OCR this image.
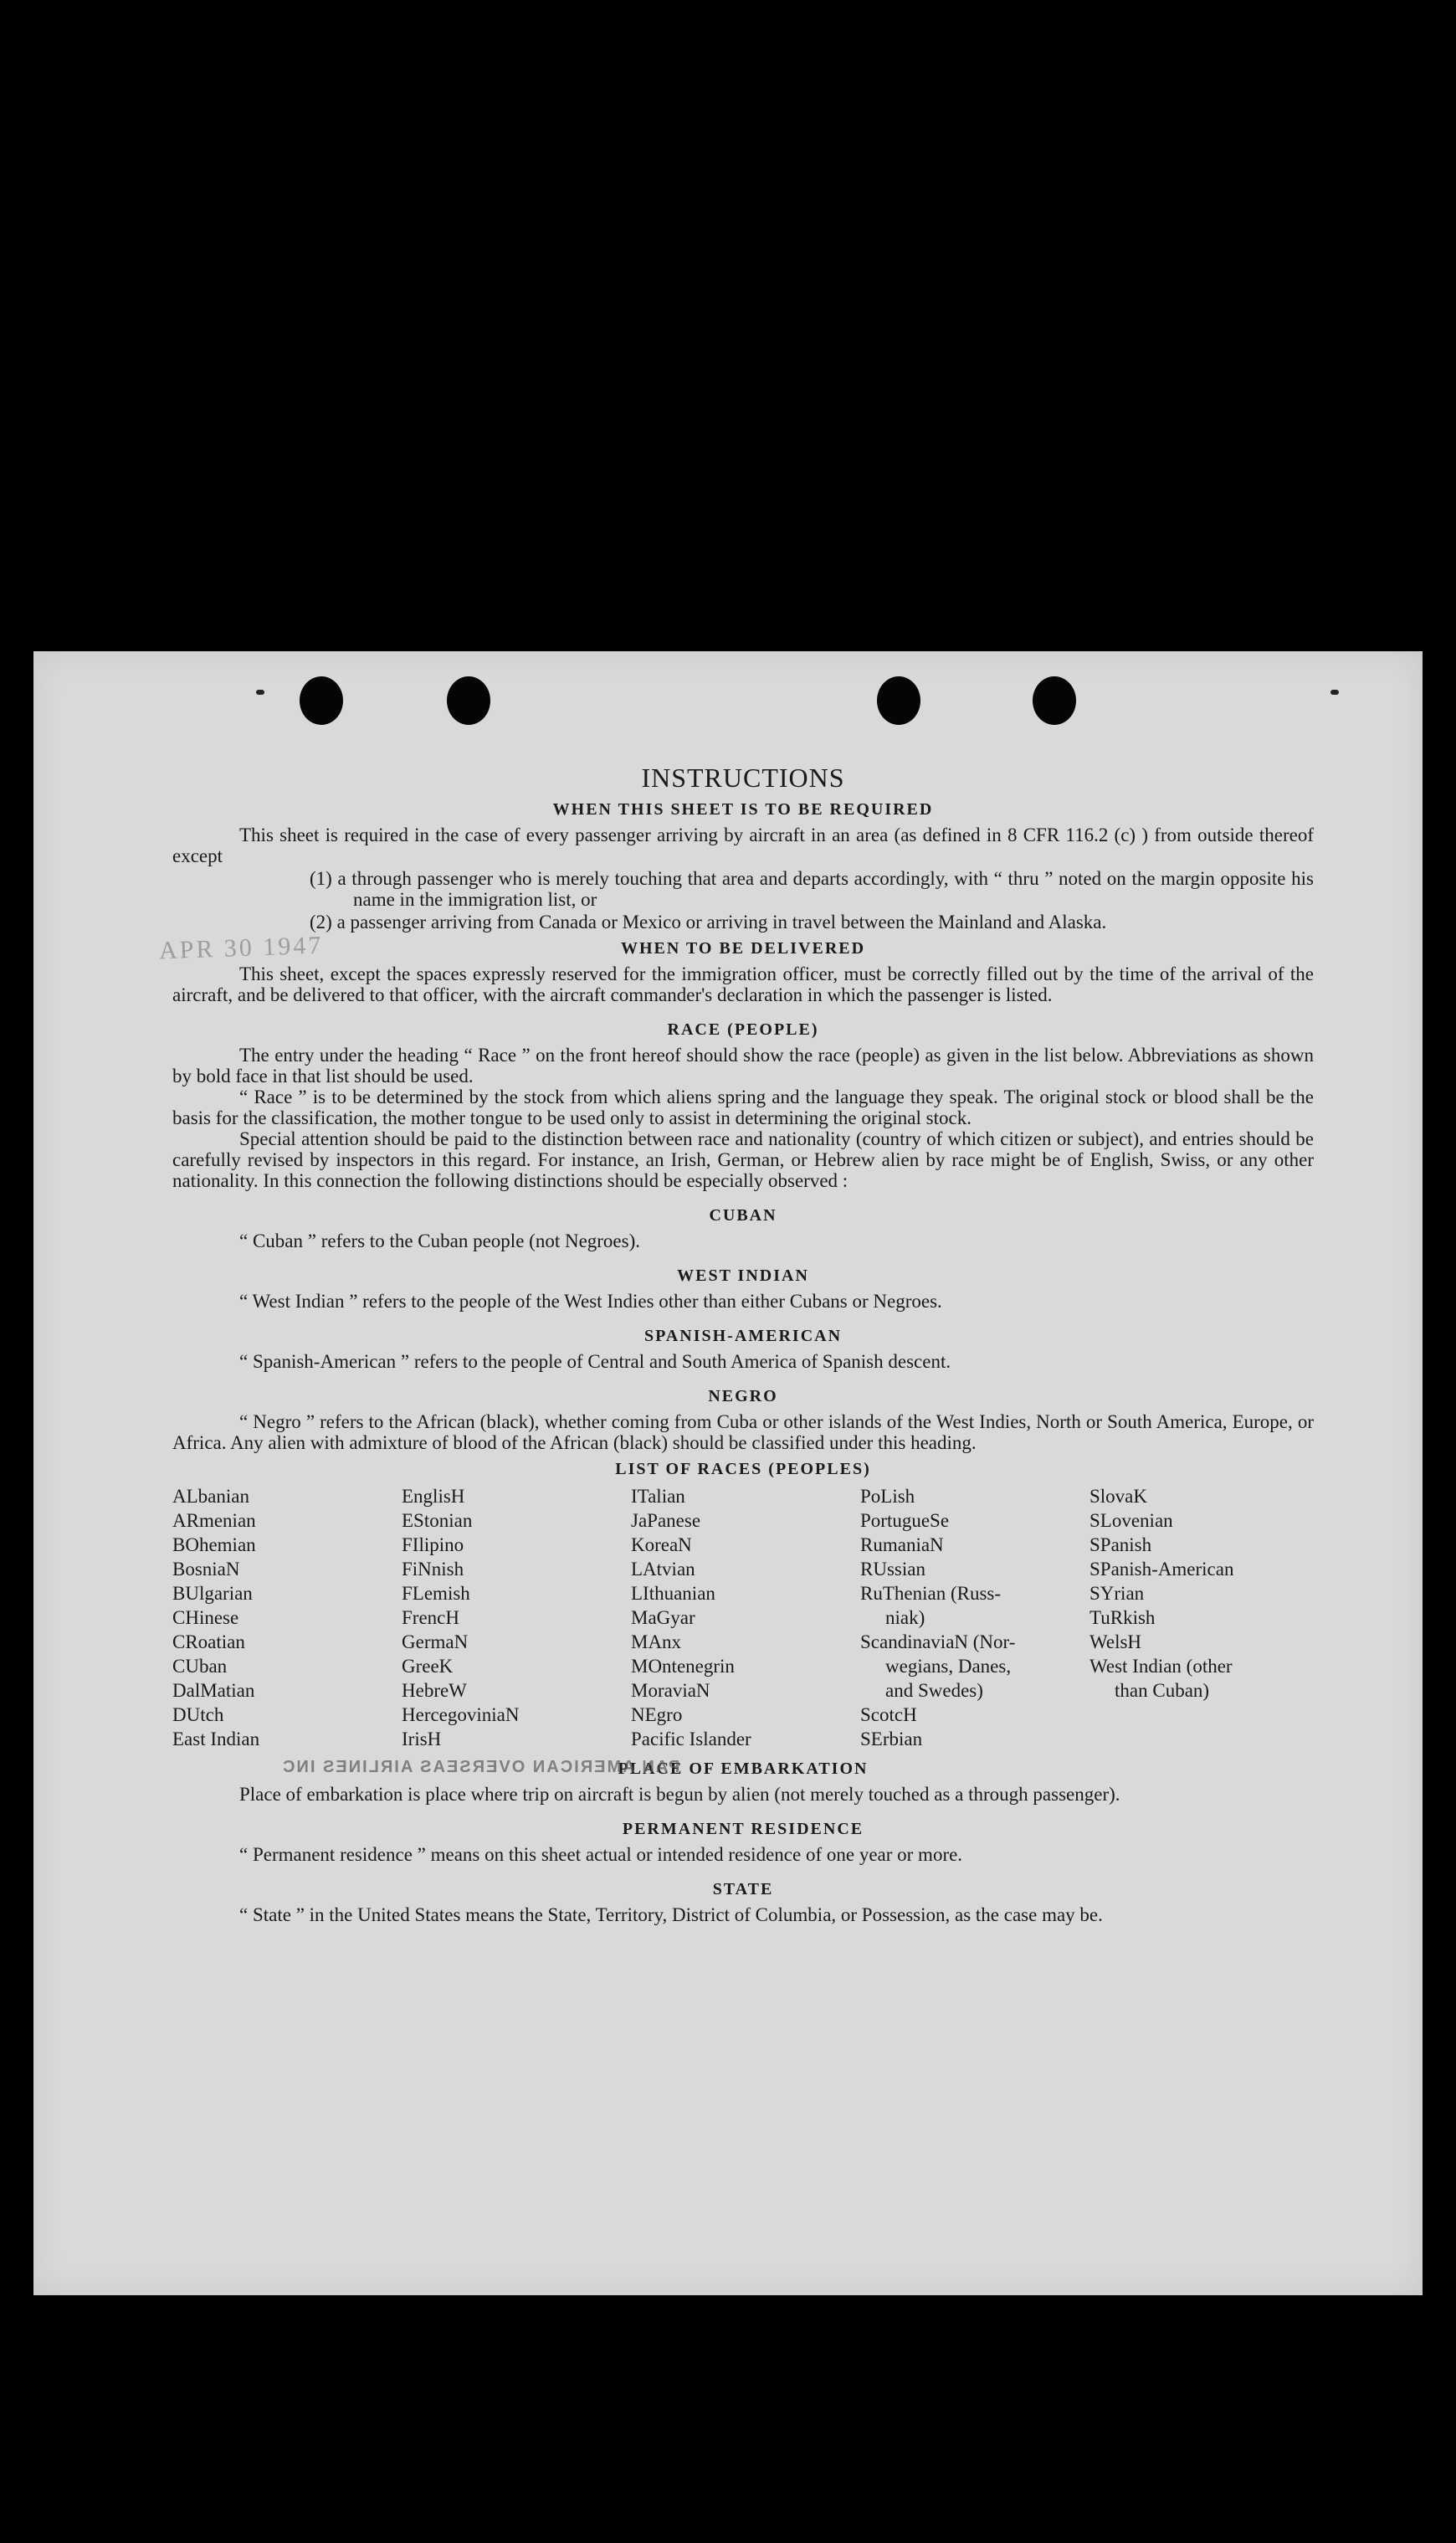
APR 30 1947
INSTRUCTIONS
WHEN THIS SHEET IS TO BE REQUIRED

This sheet is required in the case of every passenger arriving by aircraft in an area (as defined in 8 CFR 116.2 (c) ) from outside thereof except

(1) a through passenger who is merely touching that area and departs accordingly, with “ thru ” noted on the margin opposite his name in the immigration list, or

(2) a passenger arriving from Canada or Mexico or arriving in travel between the Mainland and Alaska.

WHEN TO BE DELIVERED

This sheet, except the spaces expressly reserved for the immigration officer, must be correctly filled out by the time of the arrival of the aircraft, and be delivered to that officer, with the aircraft commander's declaration in which the passenger is listed.

RACE (PEOPLE)

The entry under the heading “ Race ” on the front hereof should show the race (people) as given in the list below. Abbreviations as shown by bold face in that list should be used.

“ Race ” is to be determined by the stock from which aliens spring and the language they speak. The original stock or blood shall be the basis for the classification, the mother tongue to be used only to assist in determining the original stock.

Special attention should be paid to the distinction between race and nationality (country of which citizen or subject), and entries should be carefully revised by inspectors in this regard. For instance, an Irish, German, or Hebrew alien by race might be of English, Swiss, or any other nationality. In this connection the following distinctions should be especially observed :

CUBAN

“ Cuban ” refers to the Cuban people (not Negroes).

WEST INDIAN

“ West Indian ” refers to the people of the West Indies other than either Cubans or Negroes.

SPANISH-AMERICAN

“ Spanish-American ” refers to the people of Central and South America of Spanish descent.

NEGRO

“ Negro ” refers to the African (black), whether coming from Cuba or other islands of the West Indies, North or South America, Europe, or Africa. Any alien with admixture of blood of the African (black) should be classified under this heading.

LIST OF RACES (PEOPLES)
ALbanian
ARmenian
BOhemian
BosniaN
BUlgarian
CHinese
CRoatian
CUban
DalMatian
DUtch
East Indian
EnglisH
EStonian
FIlipino
FiNnish
FLemish
FrencH
GermaN
GreeK
HebreW
HercegoviniaN
IrisH
ITalian
JaPanese
KoreaN
LAtvian
LIthuanian
MaGyar
MAnx
MOntenegrin
MoraviaN
NEgro
Pacific Islander
PoLish
PortugueSe
RumaniaN
RUssian
RuThenian (Russ-
niak)
ScandinaviaN (Nor-
wegians, Danes,
and Swedes)
ScotcH
SErbian
SlovaK
SLovenian
SPanish
SPanish-American
SYrian
TuRkish
WelsH
West Indian (other
than Cuban)
PAN AMERICAN OVERSEAS AIRLINES INC
PLACE OF EMBARKATION

Place of embarkation is place where trip on aircraft is begun by alien (not merely touched as a through passenger).

PERMANENT RESIDENCE

“ Permanent residence ” means on this sheet actual or intended residence of one year or more.

STATE

“ State ” in the United States means the State, Territory, District of Columbia, or Possession, as the case may be.
